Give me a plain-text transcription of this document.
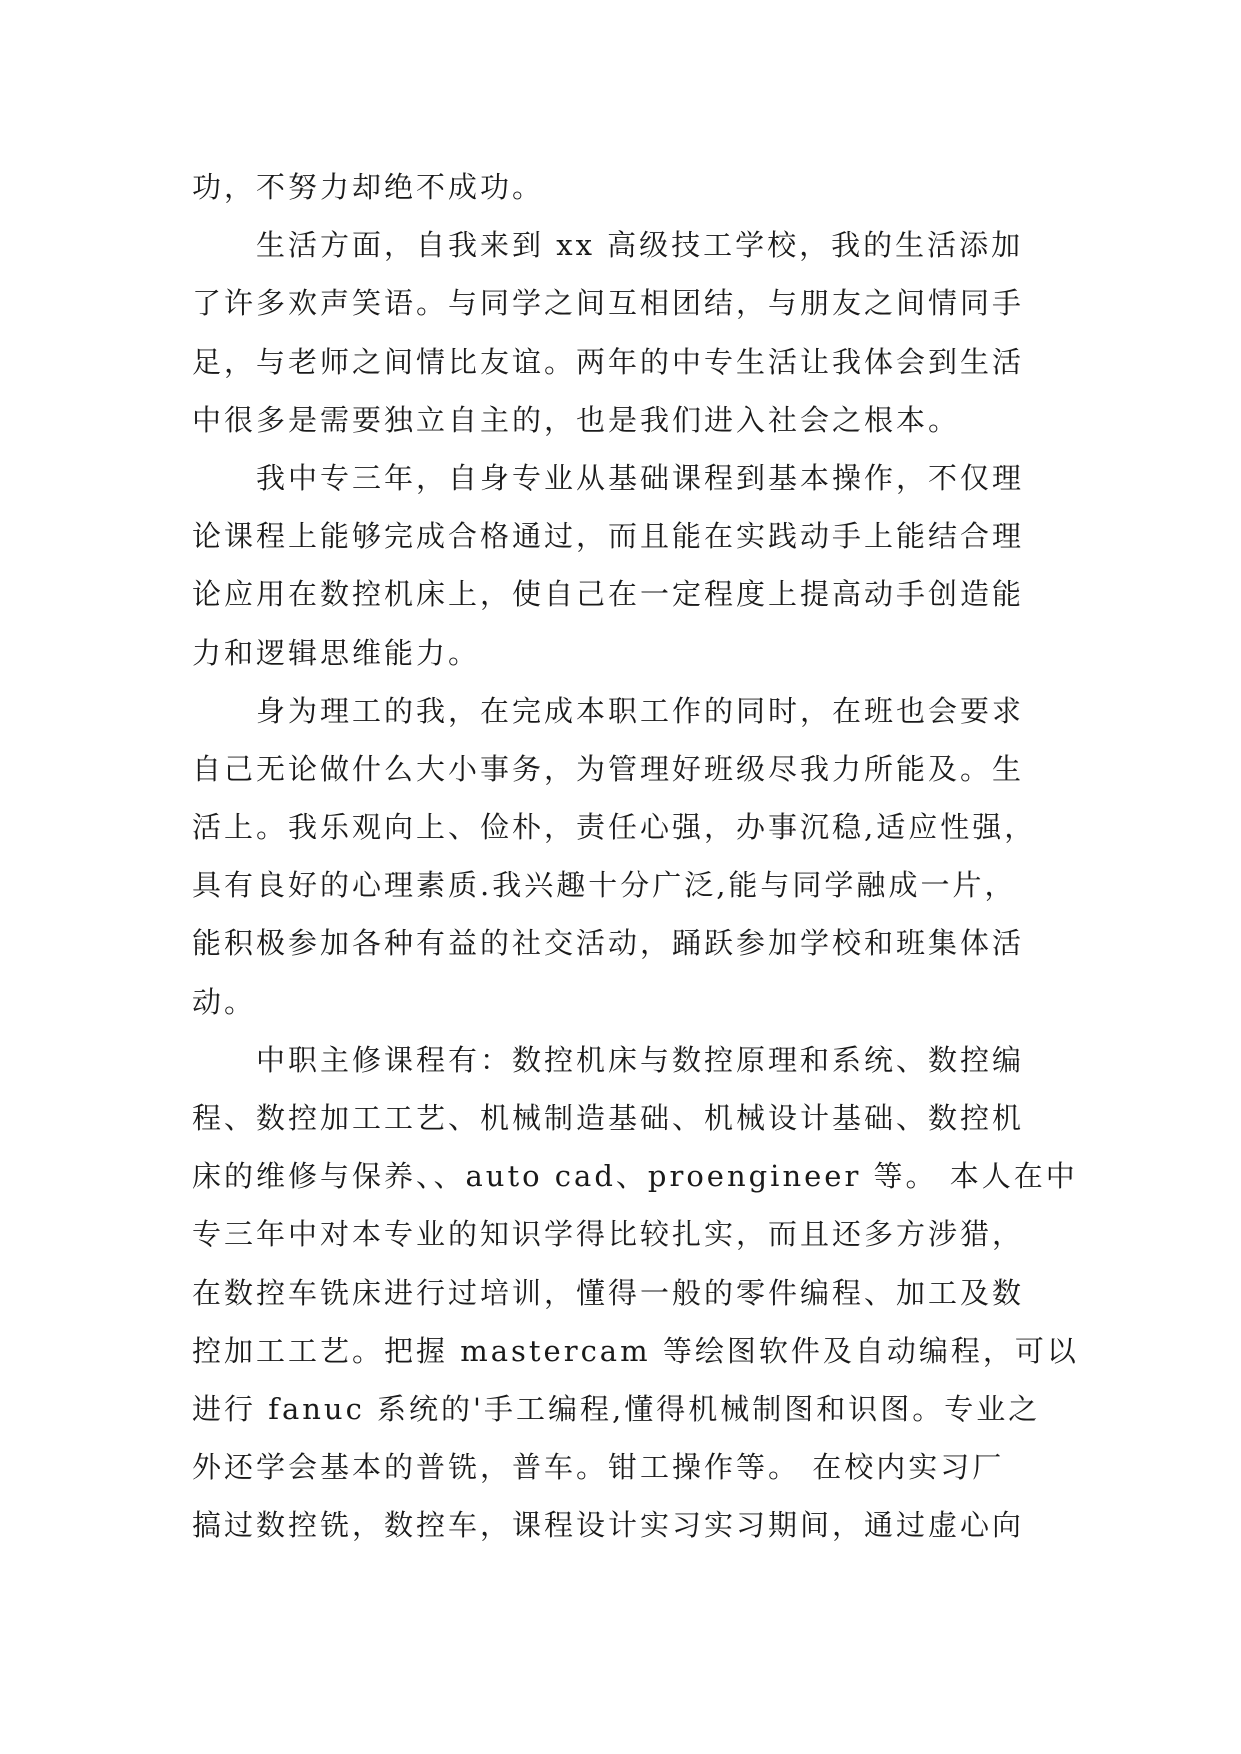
功，不努力却绝不成功。
生活方面，自我来到 xx 高级技工学校，我的生活添加
了许多欢声笑语。与同学之间互相团结，与朋友之间情同手
足，与老师之间情比友谊。两年的中专生活让我体会到生活
中很多是需要独立自主的，也是我们进入社会之根本。
我中专三年，自身专业从基础课程到基本操作，不仅理
论课程上能够完成合格通过，而且能在实践动手上能结合理
论应用在数控机床上，使自己在一定程度上提高动手创造能
力和逻辑思维能力。
身为理工的我，在完成本职工作的同时，在班也会要求
自己无论做什么大小事务，为管理好班级尽我力所能及。生
活上。我乐观向上、俭朴，责任心强，办事沉稳,适应性强，
具有良好的心理素质.我兴趣十分广泛,能与同学融成一片，
能积极参加各种有益的社交活动，踊跃参加学校和班集体活
动。
中职主修课程有：数控机床与数控原理和系统、数控编
程、数控加工工艺、机械制造基础、机械设计基础、数控机
床的维修与保养、、auto cad、proengineer 等。 本人在中
专三年中对本专业的知识学得比较扎实，而且还多方涉猎，
在数控车铣床进行过培训，懂得一般的零件编程、加工及数
控加工工艺。把握 mastercam 等绘图软件及自动编程，可以
进行 fanuc 系统的'手工编程,懂得机械制图和识图。专业之
外还学会基本的普铣，普车。钳工操作等。 在校内实习厂
搞过数控铣，数控车，课程设计实习实习期间，通过虚心向
